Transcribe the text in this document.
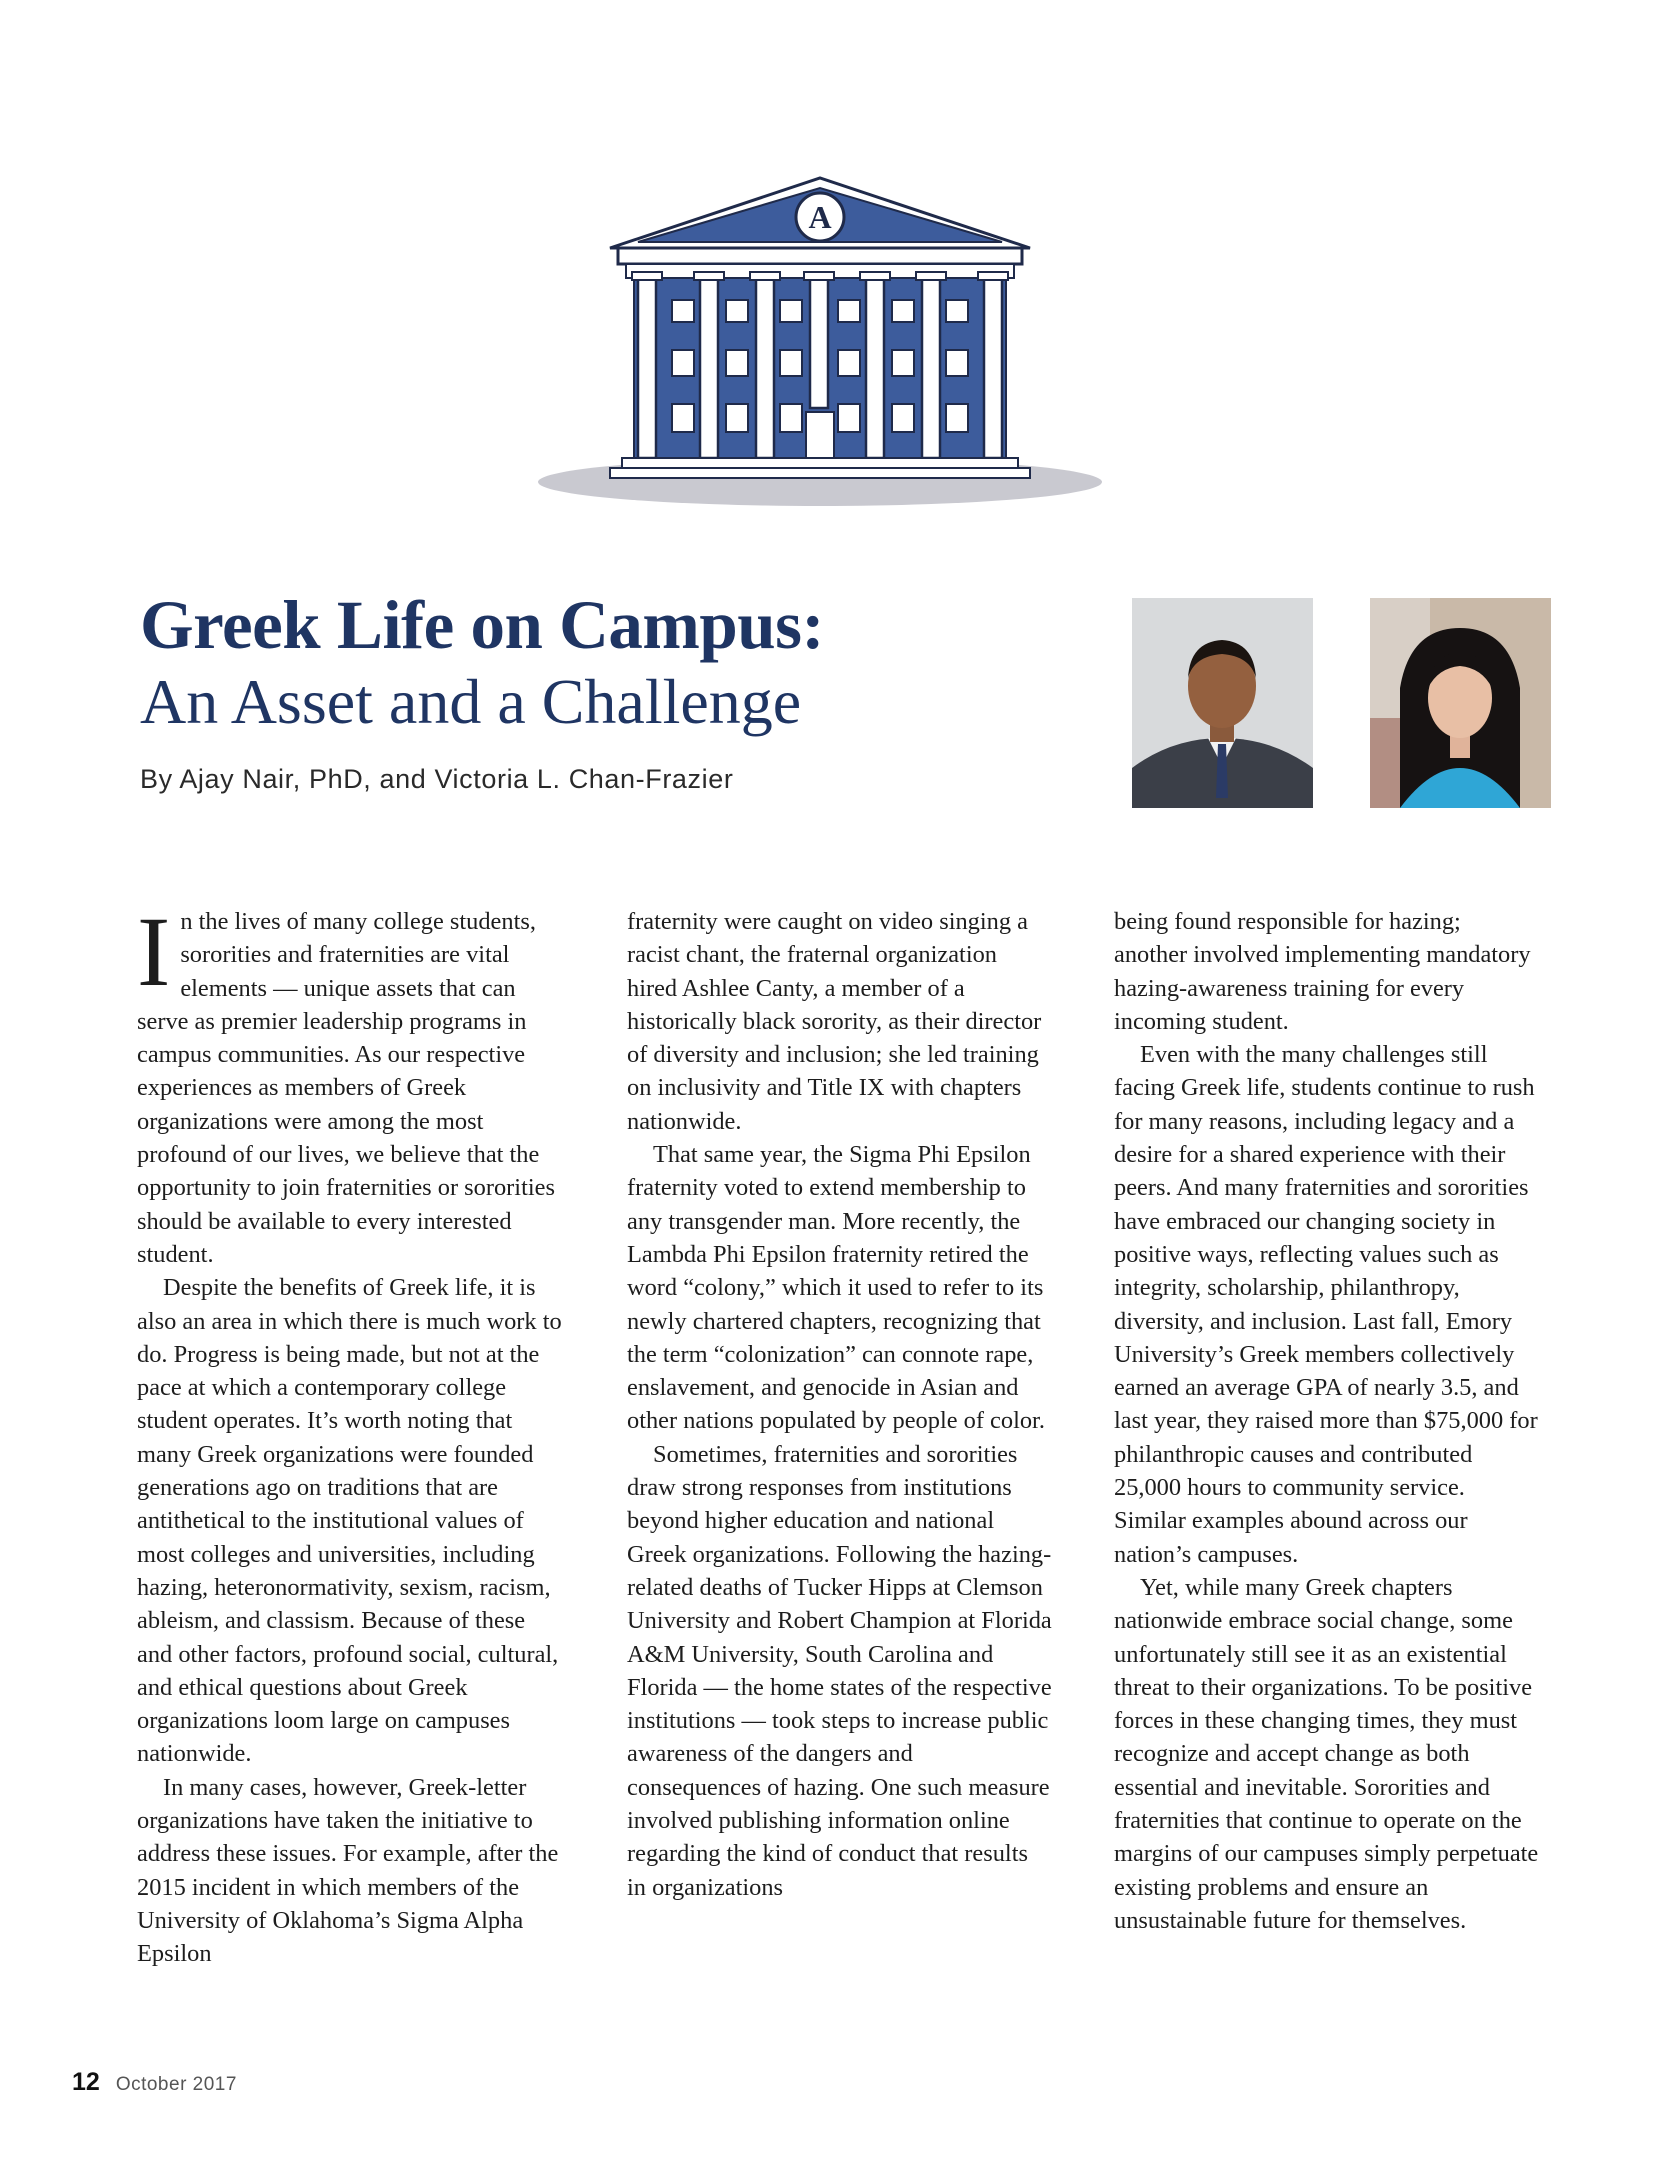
A
Greek Life on Campus:
An Asset and a Challenge

By Ajay Nair, PhD, and Victoria L. Chan-Frazier

In the lives of many college students, sororities and fraternities are vital elements — unique assets that can serve as premier leadership programs in campus communities. As our respective experiences as members of Greek organizations were among the most profound of our lives, we believe that the opportunity to join fraternities or sororities should be available to every interested student.

Despite the benefits of Greek life, it is also an area in which there is much work to do. Progress is being made, but not at the pace at which a contemporary college student operates. It’s worth noting that many Greek organizations were founded generations ago on traditions that are antithetical to the institutional values of most colleges and universities, including hazing, heteronormativity, sexism, racism, ableism, and classism. Because of these and other factors, profound social, cultural, and ethical questions about Greek organizations loom large on campuses nationwide.

In many cases, however, Greek-letter organizations have taken the initiative to address these issues. For example, after the 2015 incident in which members of the University of Oklahoma’s Sigma Alpha Epsilon

fraternity were caught on video singing a racist chant, the fraternal organization hired Ashlee Canty, a member of a historically black sorority, as their director of diversity and inclusion; she led training on inclusivity and Title IX with chapters nationwide.

That same year, the Sigma Phi Epsilon fraternity voted to extend membership to any transgender man. More recently, the Lambda Phi Epsilon fraternity retired the word “colony,” which it used to refer to its newly chartered chapters, recognizing that the term “colonization” can connote rape, enslavement, and genocide in Asian and other nations populated by people of color.

Sometimes, fraternities and sororities draw strong responses from institutions beyond higher education and national Greek organizations. Following the hazing-related deaths of Tucker Hipps at Clemson University and Robert Champion at Florida A&M University, South Carolina and Florida — the home states of the respective institutions — took steps to increase public awareness of the dangers and consequences of hazing. One such measure involved publishing information online regarding the kind of conduct that results in organizations

being found responsible for hazing; another involved implementing mandatory hazing-awareness training for every incoming student.

Even with the many challenges still facing Greek life, students continue to rush for many reasons, including legacy and a desire for a shared experience with their peers. And many fraternities and sororities have embraced our changing society in positive ways, reflecting values such as integrity, scholarship, philanthropy, diversity, and inclusion. Last fall, Emory University’s Greek members collectively earned an average GPA of nearly 3.5, and last year, they raised more than $75,000 for philanthropic causes and contributed 25,000 hours to community service. Similar examples abound across our nation’s campuses.

Yet, while many Greek chapters nationwide embrace social change, some unfortunately still see it as an existential threat to their organizations. To be positive forces in these changing times, they must recognize and accept change as both essential and inevitable. Sororities and fraternities that continue to operate on the margins of our campuses simply perpetuate existing problems and ensure an unsustainable future for themselves.

12 October 2017
